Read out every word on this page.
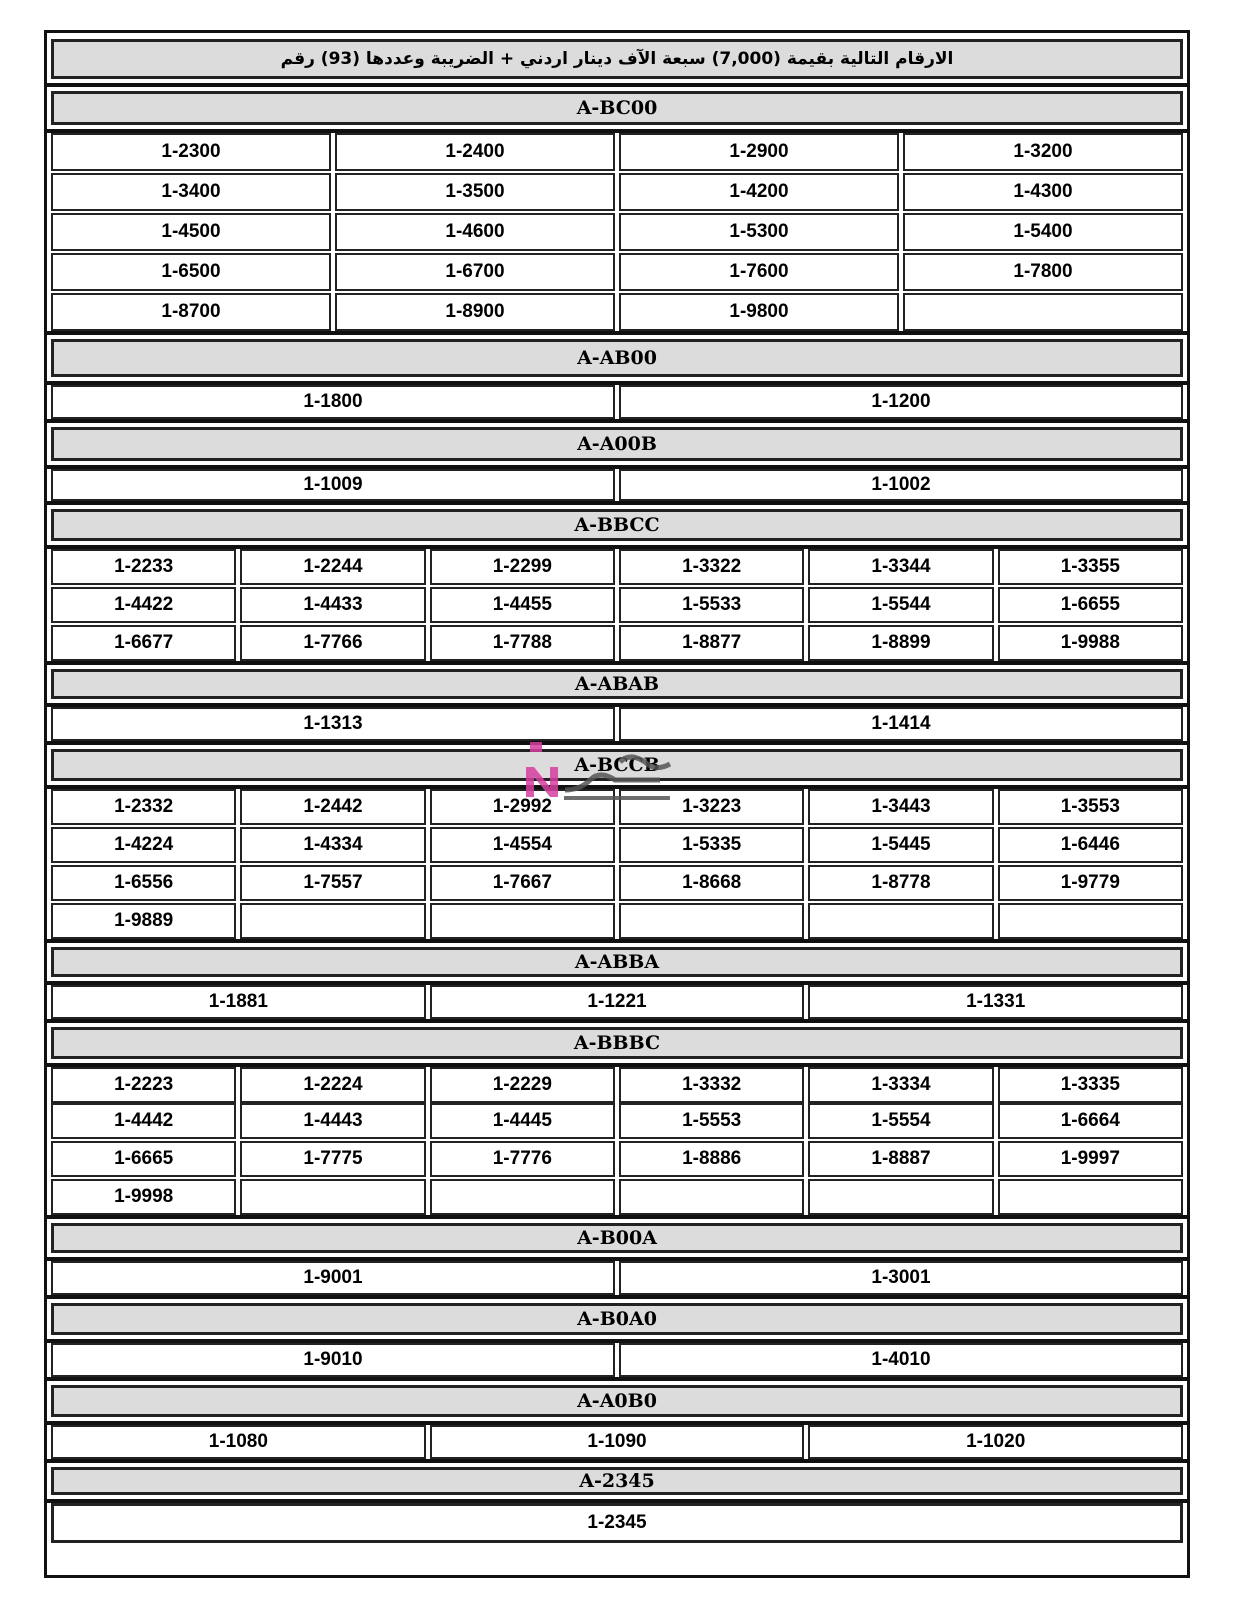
الارقام التالية بقيمة (7,000) سبعة الآف دينار اردني + الضريبة وعددها (93) رقم
A-BC00
1-2300	1-2400	1-2900	1-3200
1-3400	1-3500	1-4200	1-4300
1-4500	1-4600	1-5300	1-5400
1-6500	1-6700	1-7600	1-7800
1-8700	1-8900	1-9800
A-AB00
1-1800	1-1200
A-A00B
1-1009	1-1002
A-BBCC
1-2233	1-2244	1-2299	1-3322	1-3344	1-3355
1-4422	1-4433	1-4455	1-5533	1-5544	1-6655
1-6677	1-7766	1-7788	1-8877	1-8899	1-9988
A-ABAB
1-1313	1-1414
A-BCCB
1-2332	1-2442	1-2992	1-3223	1-3443	1-3553
1-4224	1-4334	1-4554	1-5335	1-5445	1-6446
1-6556	1-7557	1-7667	1-8668	1-8778	1-9779
1-9889
A-ABBA
1-1881	1-1221	1-1331
A-BBBC
1-2223	1-2224	1-2229	1-3332	1-3334	1-3335
1-4442	1-4443	1-4445	1-5553	1-5554	1-6664
1-6665	1-7775	1-7776	1-8886	1-8887	1-9997
1-9998
A-B00A
1-9001	1-3001
A-B0A0
1-9010	1-4010
A-A0B0
1-1080	1-1090	1-1020
A-2345
1-2345
